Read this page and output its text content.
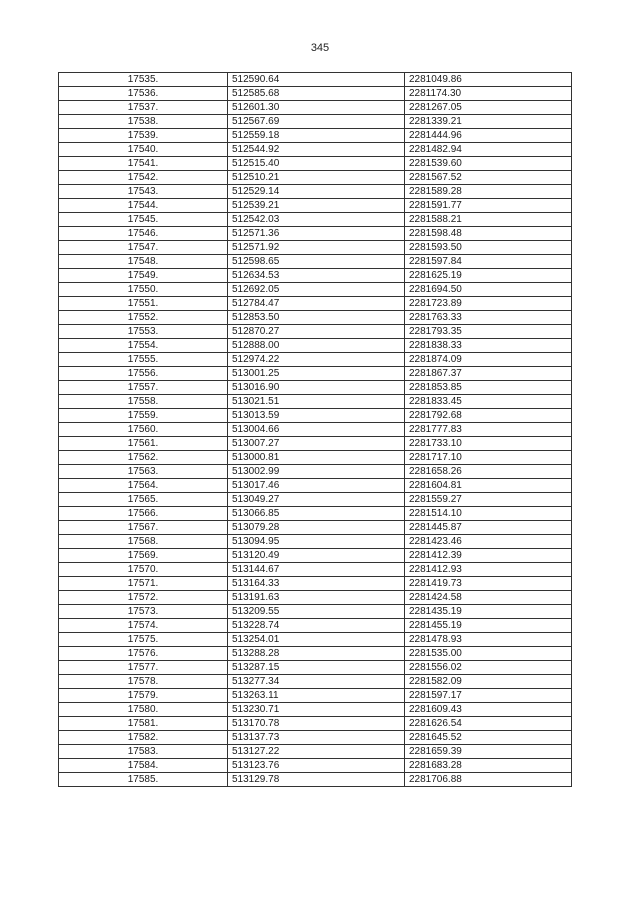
345
17535.	512590.64	2281049.86
17536.	512585.68	2281174.30
17537.	512601.30	2281267.05
17538.	512567.69	2281339.21
17539.	512559.18	2281444.96
17540.	512544.92	2281482.94
17541.	512515.40	2281539.60
17542.	512510.21	2281567.52
17543.	512529.14	2281589.28
17544.	512539.21	2281591.77
17545.	512542.03	2281588.21
17546.	512571.36	2281598.48
17547.	512571.92	2281593.50
17548.	512598.65	2281597.84
17549.	512634.53	2281625.19
17550.	512692.05	2281694.50
17551.	512784.47	2281723.89
17552.	512853.50	2281763.33
17553.	512870.27	2281793.35
17554.	512888.00	2281838.33
17555.	512974.22	2281874.09
17556.	513001.25	2281867.37
17557.	513016.90	2281853.85
17558.	513021.51	2281833.45
17559.	513013.59	2281792.68
17560.	513004.66	2281777.83
17561.	513007.27	2281733.10
17562.	513000.81	2281717.10
17563.	513002.99	2281658.26
17564.	513017.46	2281604.81
17565.	513049.27	2281559.27
17566.	513066.85	2281514.10
17567.	513079.28	2281445.87
17568.	513094.95	2281423.46
17569.	513120.49	2281412.39
17570.	513144.67	2281412.93
17571.	513164.33	2281419.73
17572.	513191.63	2281424.58
17573.	513209.55	2281435.19
17574.	513228.74	2281455.19
17575.	513254.01	2281478.93
17576.	513288.28	2281535.00
17577.	513287.15	2281556.02
17578.	513277.34	2281582.09
17579.	513263.11	2281597.17
17580.	513230.71	2281609.43
17581.	513170.78	2281626.54
17582.	513137.73	2281645.52
17583.	513127.22	2281659.39
17584.	513123.76	2281683.28
17585.	513129.78	2281706.88
